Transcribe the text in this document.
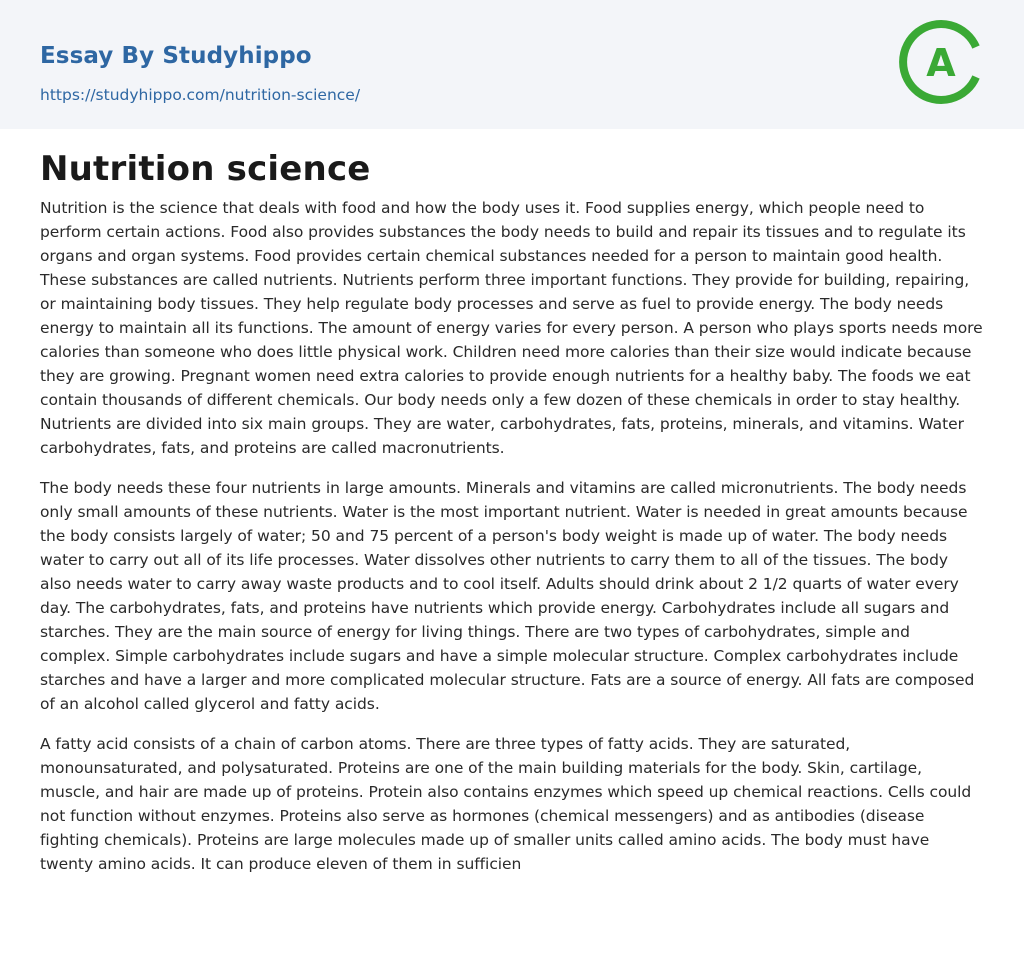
Essay By Studyhippo
https://studyhippo.com/nutrition-science/
A
Nutrition science

Nutrition is the science that deals with food and how the body uses it. Food supplies energy, which people need to perform certain actions. Food also provides substances the body needs to build and repair its tissues and to regulate its organs and organ systems. Food provides certain chemical substances needed for a person to maintain good health. These substances are called nutrients. Nutrients perform three important functions. They provide for building, repairing, or maintaining body tissues. They help regulate body processes and serve as fuel to provide energy. The body needs energy to maintain all its functions. The amount of energy varies for every person. A person who plays sports needs more calories than someone who does little physical work. Children need more calories than their size would indicate because they are growing. Pregnant women need extra calories to provide enough nutrients for a healthy baby. The foods we eat contain thousands of different chemicals. Our body needs only a few dozen of these chemicals in order to stay healthy. Nutrients are divided into six main groups. They are water, carbohydrates, fats, proteins, minerals, and vitamins. Water carbohydrates, fats, and proteins are called macronutrients.

The body needs these four nutrients in large amounts. Minerals and vitamins are called micronutrients. The body needs only small amounts of these nutrients. Water is the most important nutrient. Water is needed in great amounts because the body consists largely of water; 50 and 75 percent of a person's body weight is made up of water. The body needs water to carry out all of its life processes. Water dissolves other nutrients to carry them to all of the tissues. The body also needs water to carry away waste products and to cool itself. Adults should drink about 2 1/2 quarts of water every day. The carbohydrates, fats, and proteins have nutrients which provide energy. Carbohydrates include all sugars and starches. They are the main source of energy for living things. There are two types of carbohydrates, simple and complex. Simple carbohydrates include sugars and have a simple molecular structure. Complex carbohydrates include starches and have a larger and more complicated molecular structure. Fats are a source of energy. All fats are composed of an alcohol called glycerol and fatty acids.

A fatty acid consists of a chain of carbon atoms. There are three types of fatty acids. They are saturated, monounsaturated, and polysaturated. Proteins are one of the main building materials for the body. Skin, cartilage, muscle, and hair are made up of proteins. Protein also contains enzymes which speed up chemical reactions. Cells could not function without enzymes. Proteins also serve as hormones (chemical messengers) and as antibodies (disease fighting chemicals). Proteins are large molecules made up of smaller units called amino acids. The body must have twenty amino acids. It can produce eleven of them in sufficien
